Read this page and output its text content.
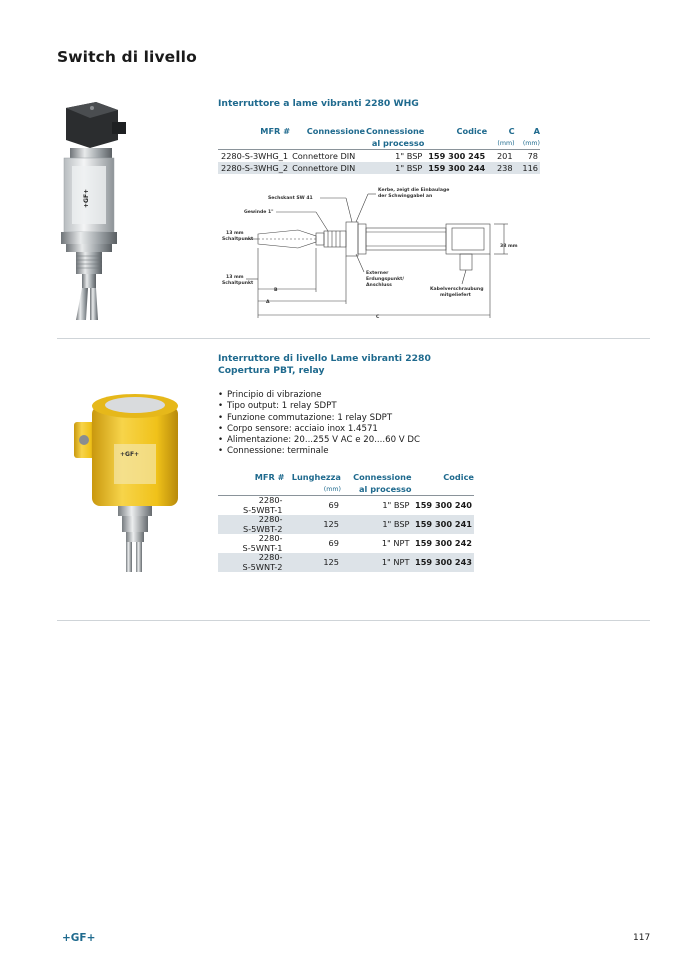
Switch di livello
+GF+
Interruttore a lame vibranti 2280 WHG
MFR #	Connessione	Connessione	Codice	C	A
		al processo		(mm)	(mm)
2280-S-3WHG_1	Connettore DIN	1" BSP	159 300 245	201	78
2280-S-3WHG_2	Connettore DIN	1" BSP	159 300 244	238	116
Sechskant SW 41
Kerbe, zeigt die Einbaulage
der Schwinggabel an
Gewinde 1"
13 mm
Schaltpunkt
13 mm
Schaltpunkt
38 mm
Externer
Erdungspunkt/
Anschluss
Kabelverschraubung
mitgeliefert
B
A
C
+GF+
Interruttore di livello Lame vibranti 2280
Copertura PBT, relay
• Principio di vibrazione
• Tipo output: 1 relay SDPT
• Funzione commutazione: 1 relay SDPT
• Corpo sensore: acciaio inox 1.4571
• Alimentazione: 20...255 V AC e 20....60 V DC
• Connessione: terminale
MFR #	Lunghezza	Connessione	Codice
	(mm)	al processo	

2280-
S-5WBT-1	69	1" BSP	159 300 240

2280-
S-5WBT-2	125	1" BSP	159 300 241

2280-
S-5WNT-1	69	1" NPT	159 300 242

2280-
S-5WNT-2	125	1" NPT	159 300 243
+GF+	117
